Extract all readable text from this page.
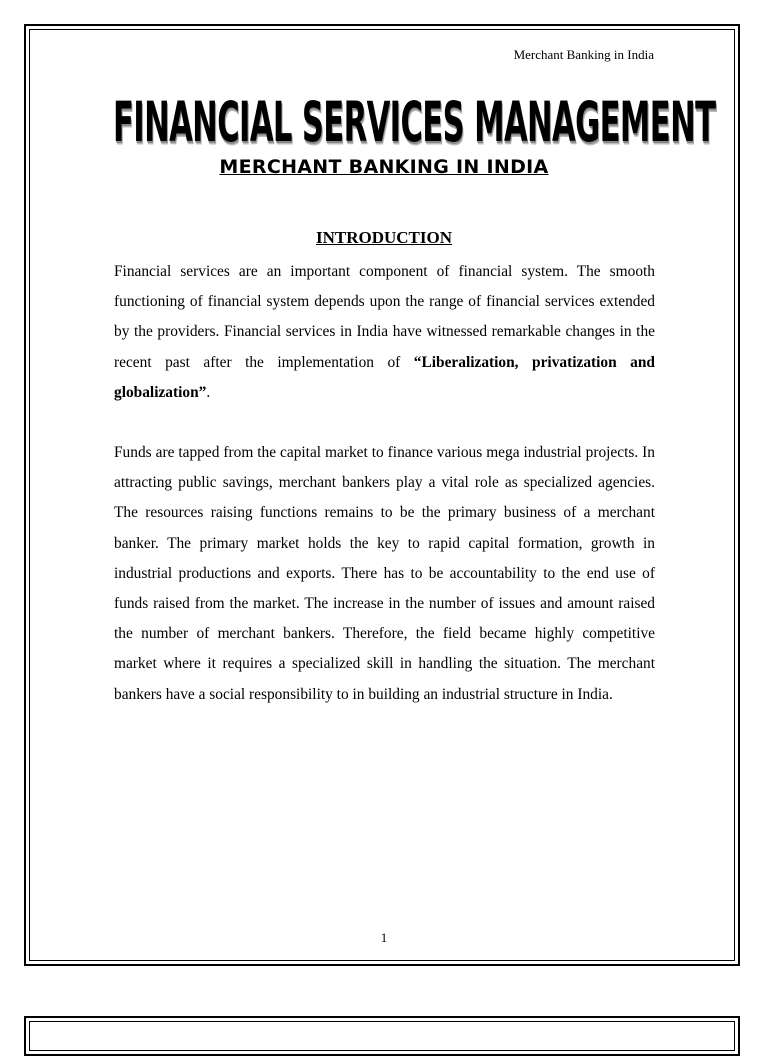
Merchant Banking in India
FINANCIAL SERVICES MANAGEMENT
MERCHANT BANKING IN INDIA
INTRODUCTION

Financial services are an important component of financial system. The smooth functioning of financial system depends upon the range of financial services extended by the providers. Financial services in India have witnessed remarkable changes in the recent past after the implementation of “Liberalization, privatization and globalization”.

Funds are tapped from the capital market to finance various mega industrial projects. In attracting public savings, merchant bankers play a vital role as specialized agencies. The resources raising functions remains to be the primary business of a merchant banker. The primary market holds the key to rapid capital formation, growth in industrial productions and exports. There has to be accountability to the end use of funds raised from the market. The increase in the number of issues and amount raised the number of merchant bankers. Therefore, the field became highly competitive market where it requires a specialized skill in handling the situation. The merchant bankers have a social responsibility to in building an industrial structure in India.

1
